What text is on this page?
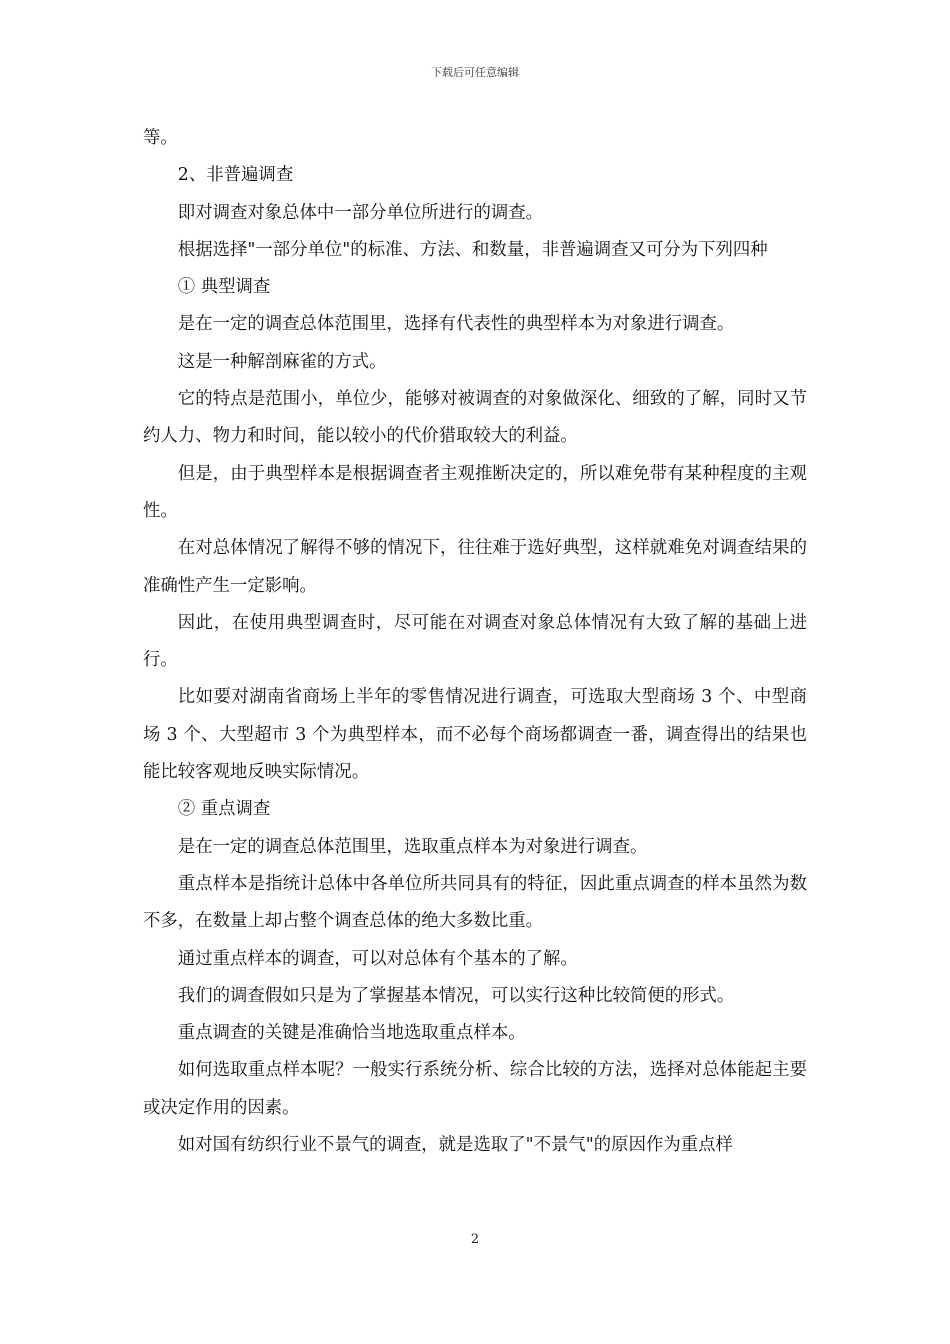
下载后可任意编辑

等。

2、非普遍调查

即对调查对象总体中一部分单位所进行的调查。

根据选择"一部分单位"的标准、方法、和数量，非普遍调查又可分为下列四种

① 典型调查

是在一定的调查总体范围里，选择有代表性的典型样本为对象进行调查。

这是一种解剖麻雀的方式。

它的特点是范围小，单位少，能够对被调查的对象做深化、细致的了解，同时又节约人力、物力和时间，能以较小的代价猎取较大的利益。

但是，由于典型样本是根据调查者主观推断决定的，所以难免带有某种程度的主观性。

在对总体情况了解得不够的情况下，往往难于选好典型，这样就难免对调查结果的准确性产生一定影响。

因此，在使用典型调查时，尽可能在对调查对象总体情况有大致了解的基础上进行。

比如要对湖南省商场上半年的零售情况进行调查，可选取大型商场 3 个、中型商场 3 个、大型超市 3 个为典型样本，而不必每个商场都调查一番，调查得出的结果也能比较客观地反映实际情况。

② 重点调查

是在一定的调查总体范围里，选取重点样本为对象进行调查。

重点样本是指统计总体中各单位所共同具有的特征，因此重点调查的样本虽然为数不多，在数量上却占整个调查总体的绝大多数比重。

通过重点样本的调查，可以对总体有个基本的了解。

我们的调查假如只是为了掌握基本情况，可以实行这种比较简便的形式。

重点调查的关键是准确恰当地选取重点样本。

如何选取重点样本呢？一般实行系统分析、综合比较的方法，选择对总体能起主要或决定作用的因素。

如对国有纺织行业不景气的调查，就是选取了"不景气"的原因作为重点样

2
